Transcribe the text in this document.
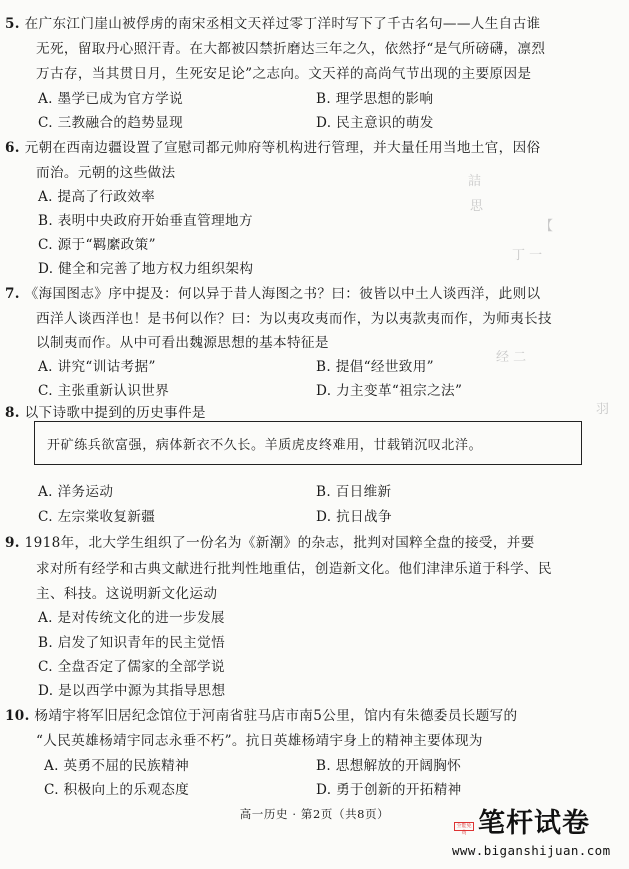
詰
思
【
丁 一
经 二
羽
5. 在广东江门崖山被俘虏的南宋丞相文天祥过零丁洋时写下了千古名句——人生自古谁
无死，留取丹心照汗青。在大都被囚禁折磨达三年之久，依然抒“是气所磅礴，凛烈
万古存，当其贯日月，生死安足论”之志向。文天祥的高尚气节出现的主要原因是
A. 墨学已成为官方学说	B. 理学思想的影响
C. 三教融合的趋势显现	D. 民主意识的萌发
6. 元朝在西南边疆设置了宣慰司都元帅府等机构进行管理，并大量任用当地土官，因俗
而治。元朝的这些做法
A. 提高了行政效率
B. 表明中央政府开始垂直管理地方
C. 源于“羁縻政策”
D. 健全和完善了地方权力组织架构
7. 《海国图志》序中提及：何以异于昔人海图之书？曰：彼皆以中土人谈西洋，此则以
西洋人谈西洋也！是书何以作？曰：为以夷攻夷而作，为以夷款夷而作，为师夷长技
以制夷而作。从中可看出魏源思想的基本特征是
A. 讲究“训诂考据”	B. 提倡“经世致用”
C. 主张重新认识世界	D. 力主变革“祖宗之法”
8. 以下诗歌中提到的历史事件是
开矿练兵欲富强，病体新衣不久长。羊质虎皮终难用，廿载销沉叹北洋。
A. 洋务运动	B. 百日维新
C. 左宗棠收复新疆	D. 抗日战争
9. 1918年，北大学生组织了一份名为《新潮》的杂志，批判对国粹全盘的接受，并要
求对所有经学和古典文献进行批判性地重估，创造新文化。他们津津乐道于科学、民
主、科技。这说明新文化运动
A. 是对传统文化的进一步发展
B. 启发了知识青年的民主觉悟
C. 全盘否定了儒家的全部学说
D. 是以西学中源为其指导思想
10. 杨靖宇将军旧居纪念馆位于河南省驻马店市南5公里，馆内有朱德委员长题写的
“人民英雄杨靖宇同志永垂不朽”。抗日英雄杨靖宇身上的精神主要体现为
A. 英勇不屈的民族精神	B. 思想解放的开阔胸怀
C. 积极向上的乐观态度	D. 勇于创新的开拓精神
高一历史 · 第2页（共8页）
全能免费 笔杆试卷
www.biganshijuan.com
